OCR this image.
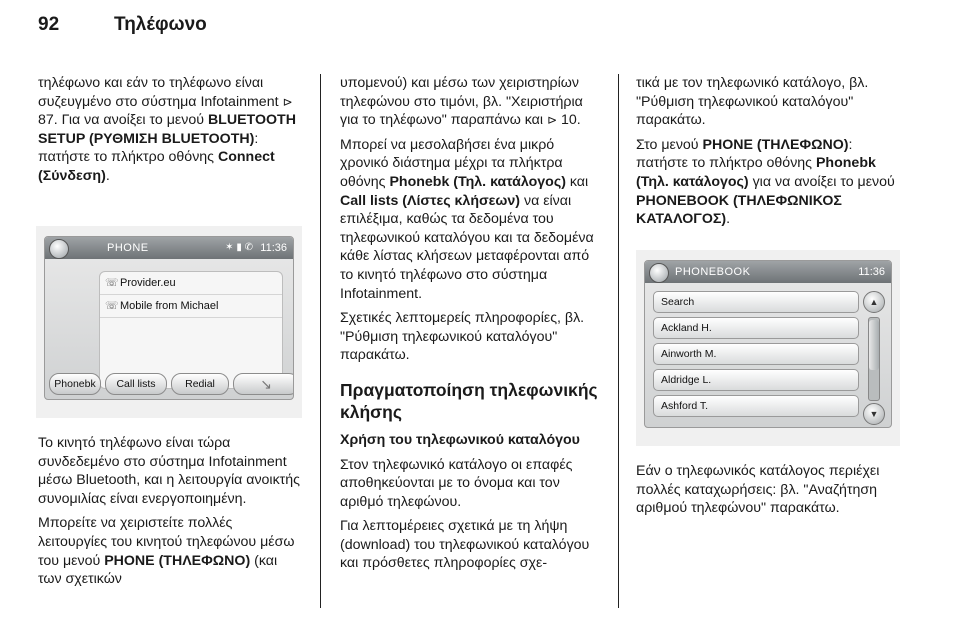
92	Τηλέφωνο

τηλέφωνο και εάν το τηλέφωνο είναι συζευγμένο στο σύστημα Infotainment ⊳ 87. Για να ανοίξει το μενού BLUETOOTH SETUP (ΡΥΘΜΙΣΗ BLUETOOTH): πατήστε το πλήκτρο οθόνης Connect (Σύνδεση).

PHONE	✶ ▮ ✆ 11:36
☏ Provider.eu
☏ Mobile from Michael
Phonebk	Call lists	Redial	↘

Το κινητό τηλέφωνο είναι τώρα συνδεδεμένο στο σύστημα Infotainment μέσω Bluetooth, και η λειτουργία ανοικτής συνομιλίας είναι ενεργοποιημένη.

Μπορείτε να χειριστείτε πολλές λειτουργίες του κινητού τηλεφώνου μέσω του μενού PHONE (ΤΗΛΕΦΩΝΟ) (και των σχετικών

υπομενού) και μέσω των χειριστηρίων τηλεφώνου στο τιμόνι, βλ. "Χειριστήρια για το τηλέφωνο" παραπάνω και ⊳ 10.

Μπορεί να μεσολαβήσει ένα μικρό χρονικό διάστημα μέχρι τα πλήκτρα οθόνης Phonebk (Τηλ. κατάλογος) και Call lists (Λίστες κλήσεων) να είναι επιλέξιμα, καθώς τα δεδομένα του τηλεφωνικού καταλόγου και τα δεδομένα κάθε λίστας κλήσεων μεταφέρονται από το κινητό τηλέφωνο στο σύστημα Infotainment.

Σχετικές λεπτομερείς πληροφορίες, βλ. "Ρύθμιση τηλεφωνικού καταλόγου" παρακάτω.

Πραγματοποίηση τηλεφωνικής κλήσης

Χρήση του τηλεφωνικού καταλόγου

Στον τηλεφωνικό κατάλογο οι επαφές αποθηκεύονται με το όνομα και τον αριθμό τηλεφώνου.

Για λεπτομέρειες σχετικά με τη λήψη (download) του τηλεφωνικού καταλόγου και πρόσθετες πληροφορίες σχε-

τικά με τον τηλεφωνικό κατάλογο, βλ. "Ρύθμιση τηλεφωνικού καταλόγου" παρακάτω.

Στο μενού PHONE (ΤΗΛΕΦΩΝΟ): πατήστε το πλήκτρο οθόνης Phonebk (Τηλ. κατάλογος) για να ανοίξει το μενού PHONEBOOK (ΤΗΛΕΦΩΝΙΚΟΣ ΚΑΤΑΛΟΓΟΣ).

PHONEBOOK	11:36
Search
Ackland H.
Ainworth M.
Aldridge L.
Ashford T.
▲
▼

Εάν ο τηλεφωνικός κατάλογος περιέχει πολλές καταχωρήσεις: βλ. "Αναζήτηση αριθμού τηλεφώνου" παρακάτω.
